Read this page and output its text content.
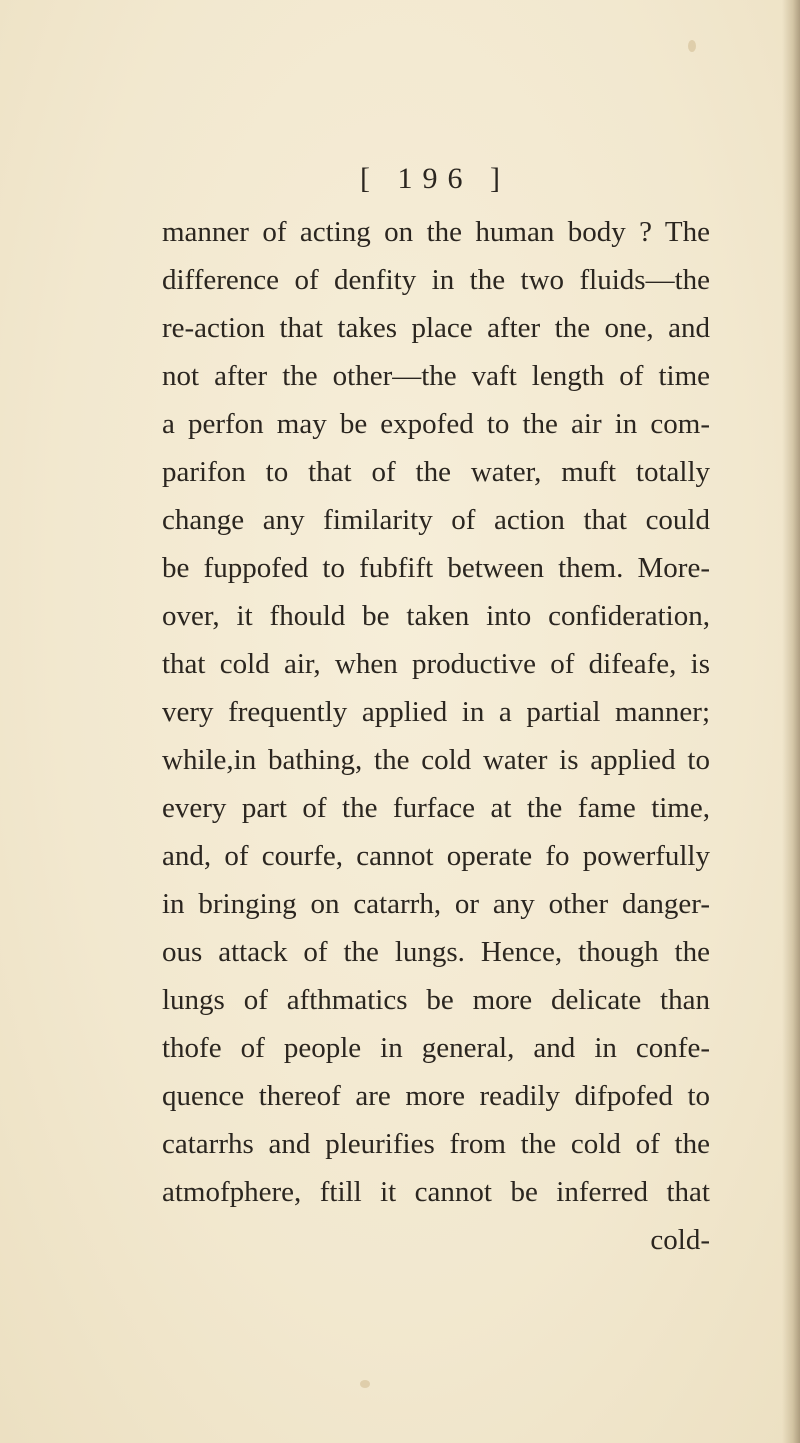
[ 196 ]
manner of acting on the human body ? The
difference of denfity in the two fluids—the
re-action that takes place after the one, and
not after the other—the vaft length of time
a perfon may be expofed to the air in com-
parifon to that of the water, muft totally
change any fimilarity of action that could
be fuppofed to fubfift between them. More-
over, it fhould be taken into confideration,
that cold air, when productive of difeafe, is
very frequently applied in a partial manner;
while,in bathing, the cold water is applied to
every part of the furface at the fame time,
and, of courfe, cannot operate fo powerfully
in bringing on catarrh, or any other danger-
ous attack of the lungs. Hence, though the
lungs of afthmatics be more delicate than
thofe of people in general, and in confe-
quence thereof are more readily difpofed to
catarrhs and pleurifies from the cold of the
atmofphere, ftill it cannot be inferred that
cold-
